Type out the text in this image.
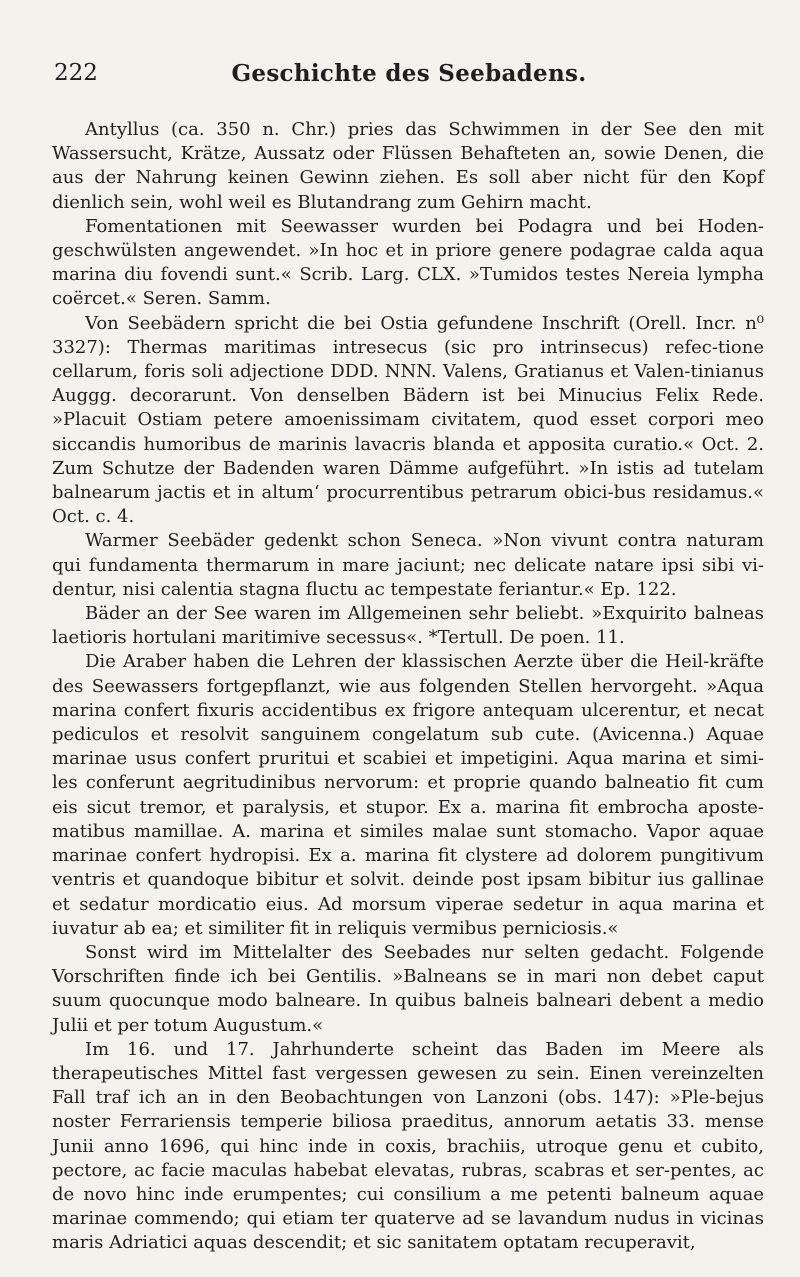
222	Geschichte des Seebadens.

Antyllus (ca. 350 n. Chr.) pries das Schwimmen in der See den mit Wassersucht, Krätze, Aussatz oder Flüssen Behafteten an, sowie Denen, die aus der Nahrung keinen Gewinn ziehen. Es soll aber nicht für den Kopf dienlich sein, wohl weil es Blutandrang zum Gehirn macht.

Fomentationen mit Seewasser wurden bei Podagra und bei Hoden-geschwülsten angewendet. »In hoc et in priore genere podagrae calda aqua marina diu fovendi sunt.« Scrib. Larg. CLX. »Tumidos testes Nereia lympha coërcet.« Seren. Samm.

Von Seebädern spricht die bei Ostia gefundene Inschrift (Orell. Incr. n⁰ 3327): Thermas maritimas intresecus (sic pro intrinsecus) refec-tione cellarum, foris soli adjectione DDD. NNN. Valens, Gratianus et Valen-tinianus Auggg. decorarunt. Von denselben Bädern ist bei Minucius Felix Rede. »Placuit Ostiam petere amoenissimam civitatem, quod esset corpori meo siccandis humoribus de marinis lavacris blanda et apposita curatio.« Oct. 2. Zum Schutze der Badenden waren Dämme aufgeführt. »In istis ad tutelam balnearum jactis et in altum‘ procurrentibus petrarum obici-bus residamus.« Oct. c. 4.

Warmer Seebäder gedenkt schon Seneca. »Non vivunt contra naturam qui fundamenta thermarum in mare jaciunt; nec delicate natare ipsi sibi vi-dentur, nisi calentia stagna fluctu ac tempestate feriantur.« Ep. 122.

Bäder an der See waren im Allgemeinen sehr beliebt. »Exquirito balneas laetioris hortulani maritimive secessus«. *Tertull. De poen. 11.

Die Araber haben die Lehren der klassischen Aerzte über die Heil-kräfte des Seewassers fortgepflanzt, wie aus folgenden Stellen hervorgeht. »Aqua marina confert fixuris accidentibus ex frigore antequam ulcerentur, et necat pediculos et resolvit sanguinem congelatum sub cute. (Avicenna.) Aquae marinae usus confert pruritui et scabiei et impetigini. Aqua marina et simi-les conferunt aegritudinibus nervorum: et proprie quando balneatio fit cum eis sicut tremor, et paralysis, et stupor. Ex a. marina fit embrocha aposte-matibus mamillae. A. marina et similes malae sunt stomacho. Vapor aquae marinae confert hydropisi. Ex a. marina fit clystere ad dolorem pungitivum ventris et quandoque bibitur et solvit. deinde post ipsam bibitur ius gallinae et sedatur mordicatio eius. Ad morsum viperae sedetur in aqua marina et iuvatur ab ea; et similiter fit in reliquis vermibus perniciosis.«

Sonst wird im Mittelalter des Seebades nur selten gedacht. Folgende Vorschriften finde ich bei Gentilis. »Balneans se in mari non debet caput suum quocunque modo balneare. In quibus balneis balneari debent a medio Julii et per totum Augustum.«

Im 16. und 17. Jahrhunderte scheint das Baden im Meere als therapeutisches Mittel fast vergessen gewesen zu sein. Einen vereinzelten Fall traf ich an in den Beobachtungen von Lanzoni (obs. 147): »Ple-bejus noster Ferrariensis temperie biliosa praeditus, annorum aetatis 33. mense Junii anno 1696, qui hinc inde in coxis, brachiis, utroque genu et cubito, pectore, ac facie maculas habebat elevatas, rubras, scabras et ser-pentes, ac de novo hinc inde erumpentes; cui consilium a me petenti balneum aquae marinae commendo; qui etiam ter quaterve ad se lavandum nudus in vicinas maris Adriatici aquas descendit; et sic sanitatem optatam recuperavit,
